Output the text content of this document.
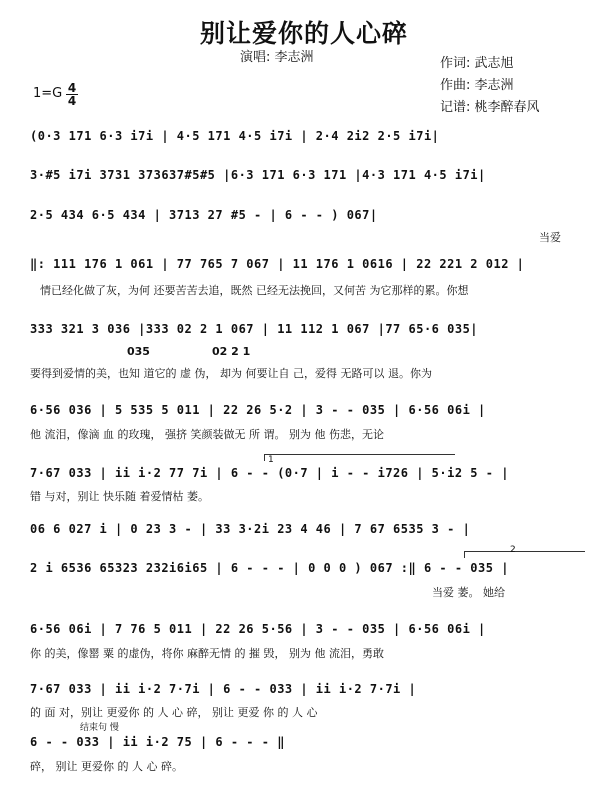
别让爱你的人心碎
演唱: 李志洲	作词: 武志旭
作曲: 李志洲
记谱: 桃李醉春风
$1=G \frac{4}{4}$
(0·3 171 6·3 i7i | 4·5 171 4·5 i7i | 2·4 2i2 2·5 i7i|
3·#5 i7i 3731 373637#5#5 |6·3 171 6·3 171 |4·3 171 4·5 i7i|
2·5 434 6·5 434 | 3713 27 #5 - | 6 - - ) 067|
当爱
‖: 111 176 1 061 | 77 765 7 067 | 11 176 1 0616 | 22 221 2 012 |
情已经化做了灰，为何 还要苦苦去追，既然 已经无法挽回，又何苦 为它那样的累。你想
333 321 3 036 |333 02 2 1 067 | 11 112 1 067 |77 65·6 035|
035	02 2 1
要得到爱情的美，也知 道它的 虚 伪， 却为 何要让自 己，爱得 无路可以 退。你为
6·56 036 | 5 535 5 011 | 22 26 5·2 | 3 - - 035 | 6·56 06i |
他 流泪，像滴 血 的玫瑰， 强挤 笑颜装做无 所 谓。 别为 他 伤悲，无论
1
7·67 033 | ii i·2 77 7i | 6 - - (0·7 | i - - i726 | 5·i2 5 - |
错 与对，别让 快乐随 着爱情枯 萎。
06 6 027 i | 0 23 3 - | 33 3·2i 23 4 46 | 7 67 6535 3 - |
2
2 i 6536 65323 232i6i65 | 6 - - - | 0 0 0 ) 067 :‖ 6 - - 035 |
当爱 萎。 她给
6·56 06i | 7 76 5 011 | 22 26 5·56 | 3 - - 035 | 6·56 06i |
你 的美，像罂 粟 的虚伪，将你 麻醉无情 的 摧 毁， 别为 他 流泪，勇敢
7·67 033 | ii i·2 7·7i | 6 - - 033 | ii i·2 7·7i |
的 面 对，别让 更爱你 的 人 心 碎， 别让 更爱 你 的 人 心
结束句 慢
6 - - 033 | ii i·2 75 | 6 - - - ‖
碎， 别让 更爱你 的 人 心 碎。
